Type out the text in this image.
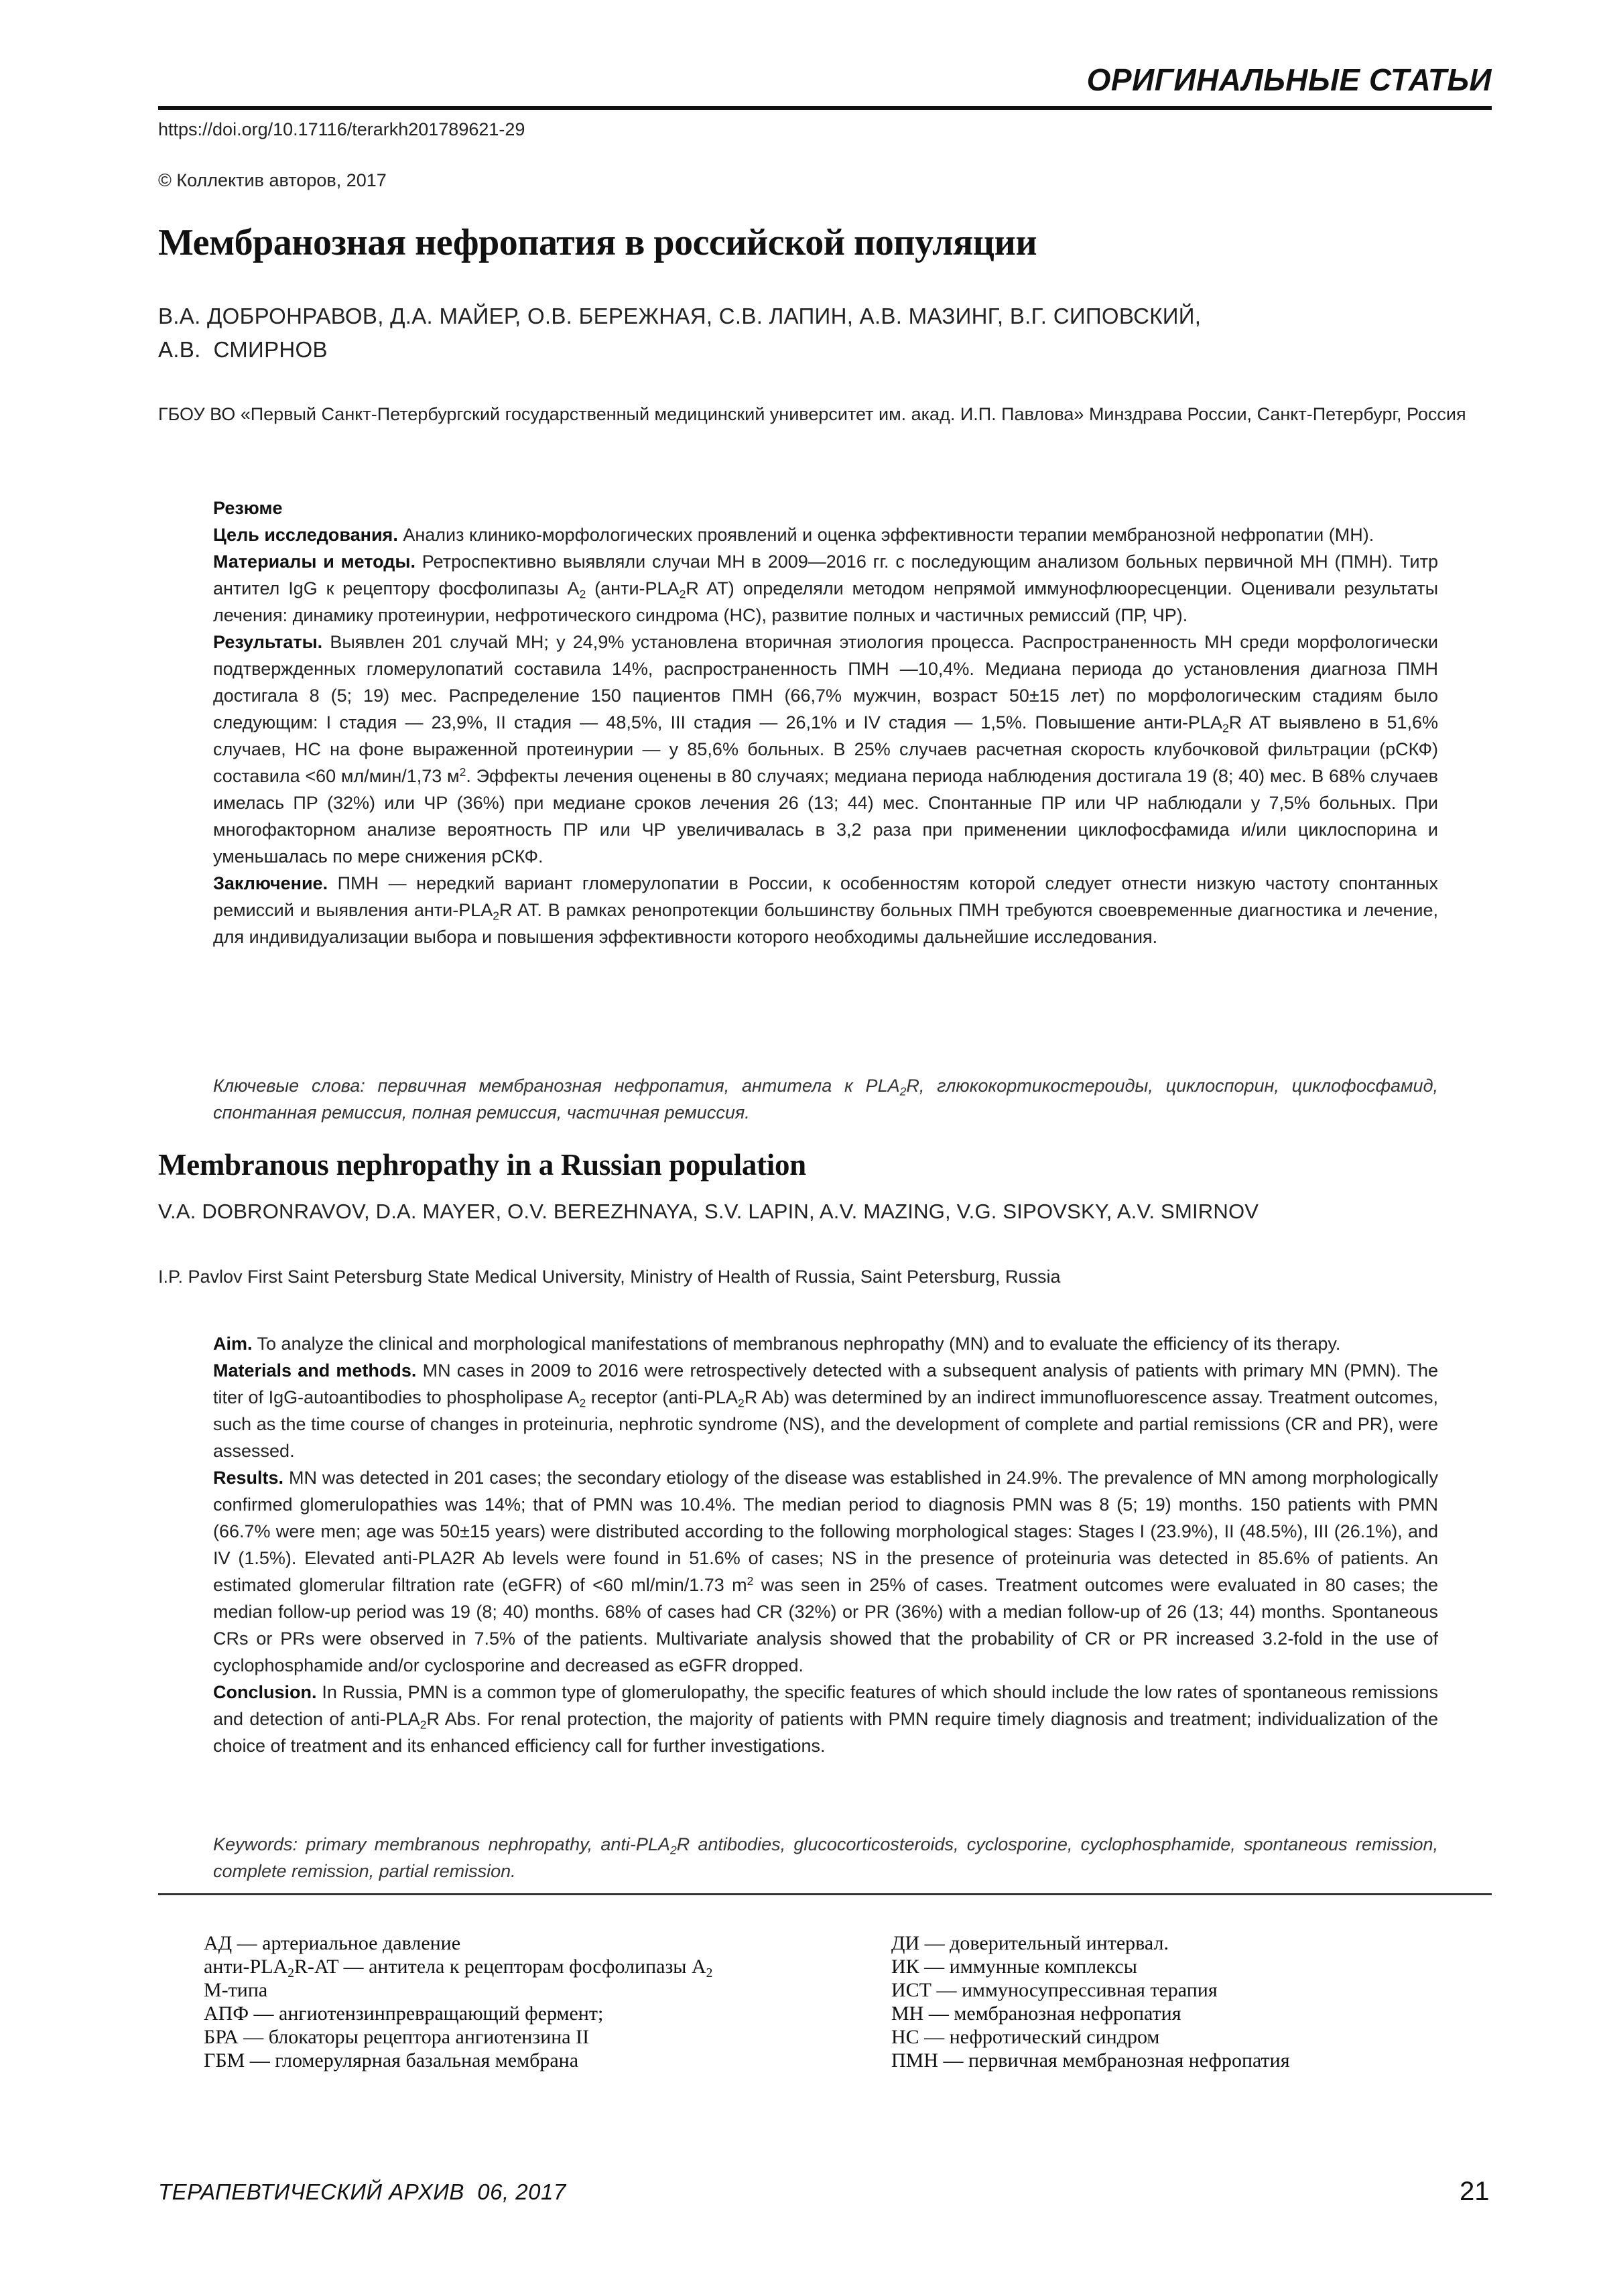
ОРИГИНАЛЬНЫЕ СТАТЬИ
https://doi.org/10.17116/terarkh201789621-29
© Коллектив авторов, 2017
Мембранозная нефропатия в российской популяции
В.А. ДОБРОНРАВОВ, Д.А. МАЙЕР, О.В. БЕРЕЖНАЯ, С.В. ЛАПИН, А.В. МАЗИНГ, В.Г. СИПОВСКИЙ,
А.В.  СМИРНОВ
ГБОУ ВО «Первый Санкт-Петербургский государственный медицинский университет им. акад. И.П. Павлова» Минздрава России, Санкт-Петербург, Россия

Резюме

Цель исследования. Анализ клинико-морфологических проявлений и оценка эффективности терапии мембранозной нефропатии (МН).

Материалы и методы. Ретроспективно выявляли случаи МН в 2009—2016 гг. с последующим анализом больных первичной МН (ПМН). Титр антител IgG к рецептору фосфолипазы $A_2$ ($анти-PLA_2R$ AT) определяли методом непрямой иммунофлюоресценции. Оценивали результаты лечения: динамику протеинурии, нефротического синдрома (НС), развитие полных и частичных ремиссий (ПР, ЧР).

Результаты. Выявлен 201 случай МН; у 24,9% установлена вторичная этиология процесса. Распространенность МН среди морфологически подтвержденных гломерулопатий составила 14%, распространенность ПМН —10,4%. Медиана периода до установления диагноза ПМН достигала 8 (5; 19) мес. Распределение 150 пациентов ПМН (66,7% мужчин, возраст 50±15 лет) по морфологическим стадиям было следующим: I стадия — 23,9%, II стадия — 48,5%, III стадия — 26,1% и IV стадия — 1,5%. Повышение анти-$PLA_2R$ AT выявлено в 51,6% случаев, НС на фоне выраженной протеинурии — у 85,6% больных. В 25% случаев расчетная скорость клубочковой фильтрации (рСКФ) составила <60 мл/мин/1,73 $м^2$. Эффекты лечения оценены в 80 случаях; медиана периода наблюдения достигала 19 (8; 40) мес. В 68% случаев имелась ПР (32%) или ЧР (36%) при медиане сроков лечения 26 (13; 44) мес. Спонтанные ПР или ЧР наблюдали у 7,5% больных. При многофакторном анализе вероятность ПР или ЧР увеличивалась в 3,2 раза при применении циклофосфамида и/или циклоспорина и уменьшалась по мере снижения рСКФ.

Заключение. ПМН — нередкий вариант гломерулопатии в России, к особенностям которой следует отнести низкую частоту спонтанных ремиссий и выявления анти-$PLA_2R$ AT. В рамках ренопротекции большинству больных ПМН требуются своевременные диагностика и лечение, для индивидуализации выбора и повышения эффективности которого необходимы дальнейшие исследования.

Ключевые слова: первичная мембранозная нефропатия, антитела к $PLA_2R$, глюкокортикостероиды, циклоспорин, циклофосфамид, спонтанная ремиссия, полная ремиссия, частичная ремиссия.
Membranous nephropathy in a Russian population
V.A. DOBRONRAVOV, D.A. MAYER, O.V. BEREZHNAYA, S.V. LAPIN, A.V. MAZING, V.G. SIPOVSKY, A.V. SMIRNOV
I.P. Pavlov First Saint Petersburg State Medical University, Ministry of Health of Russia, Saint Petersburg, Russia

Aim. To analyze the clinical and morphological manifestations of membranous nephropathy (MN) and to evaluate the efficiency of its therapy.

Materials and methods. MN cases in 2009 to 2016 were retrospectively detected with a subsequent analysis of patients with primary MN (PMN). The titer of IgG-autoantibodies to phospholipase $A_2$ receptor ($anti-PLA_2R$ Ab) was determined by an indirect immunofluorescence assay. Treatment outcomes, such as the time course of changes in proteinuria, nephrotic syndrome (NS), and the development of complete and partial remissions (CR and PR), were assessed.

Results. MN was detected in 201 cases; the secondary etiology of the disease was established in 24.9%. The prevalence of MN among morphologically confirmed glomerulopathies was 14%; that of PMN was 10.4%. The median period to diagnosis PMN was 8 (5; 19) months. 150 patients with PMN (66.7% were men; age was 50±15 years) were distributed according to the following morphological stages: Stages I (23.9%), II (48.5%), III (26.1%), and IV (1.5%). Elevated anti-PLA2R Ab levels were found in 51.6% of cases; NS in the presence of proteinuria was detected in 85.6% of patients. An estimated glomerular filtration rate (eGFR) of <60 ml/min/1.73 $m^2$ was seen in 25% of cases. Treatment outcomes were evaluated in 80 cases; the median follow-up period was 19 (8; 40) months. 68% of cases had CR (32%) or PR (36%) with a median follow-up of 26 (13; 44) months. Spontaneous CRs or PRs were observed in 7.5% of the patients. Multivariate analysis showed that the probability of CR or PR increased 3.2-fold in the use of cyclophosphamide and/or cyclosporine and decreased as eGFR dropped.

Conclusion. In Russia, PMN is a common type of glomerulopathy, the specific features of which should include the low rates of spontaneous remissions and detection of anti-$PLA_2R$ Abs. For renal protection, the majority of patients with PMN require timely diagnosis and treatment; individualization of the choice of treatment and its enhanced efficiency call for further investigations.

Keywords: primary membranous nephropathy, anti-$PLA_2R$ antibodies, glucocorticosteroids, cyclosporine, cyclophosphamide, spontaneous remission, complete remission, partial remission.
АД — артериальное давление
анти-$PLA_2R-AT$ — антитела к рецепторам фосфолипазы $A_2$
М-типа
АПФ — ангиотензинпревращающий фермент;
БРА — блокаторы рецептора ангиотензина II
ГБМ — гломерулярная базальная мембрана
ДИ — доверительный интервал.
ИК — иммунные комплексы
ИСТ — иммуносупрессивная терапия
МН — мембранозная нефропатия
НС — нефротический синдром
ПМН — первичная мембранозная нефропатия
ТЕРАПЕВТИЧЕСКИЙ АРХИВ  06, 2017	21
